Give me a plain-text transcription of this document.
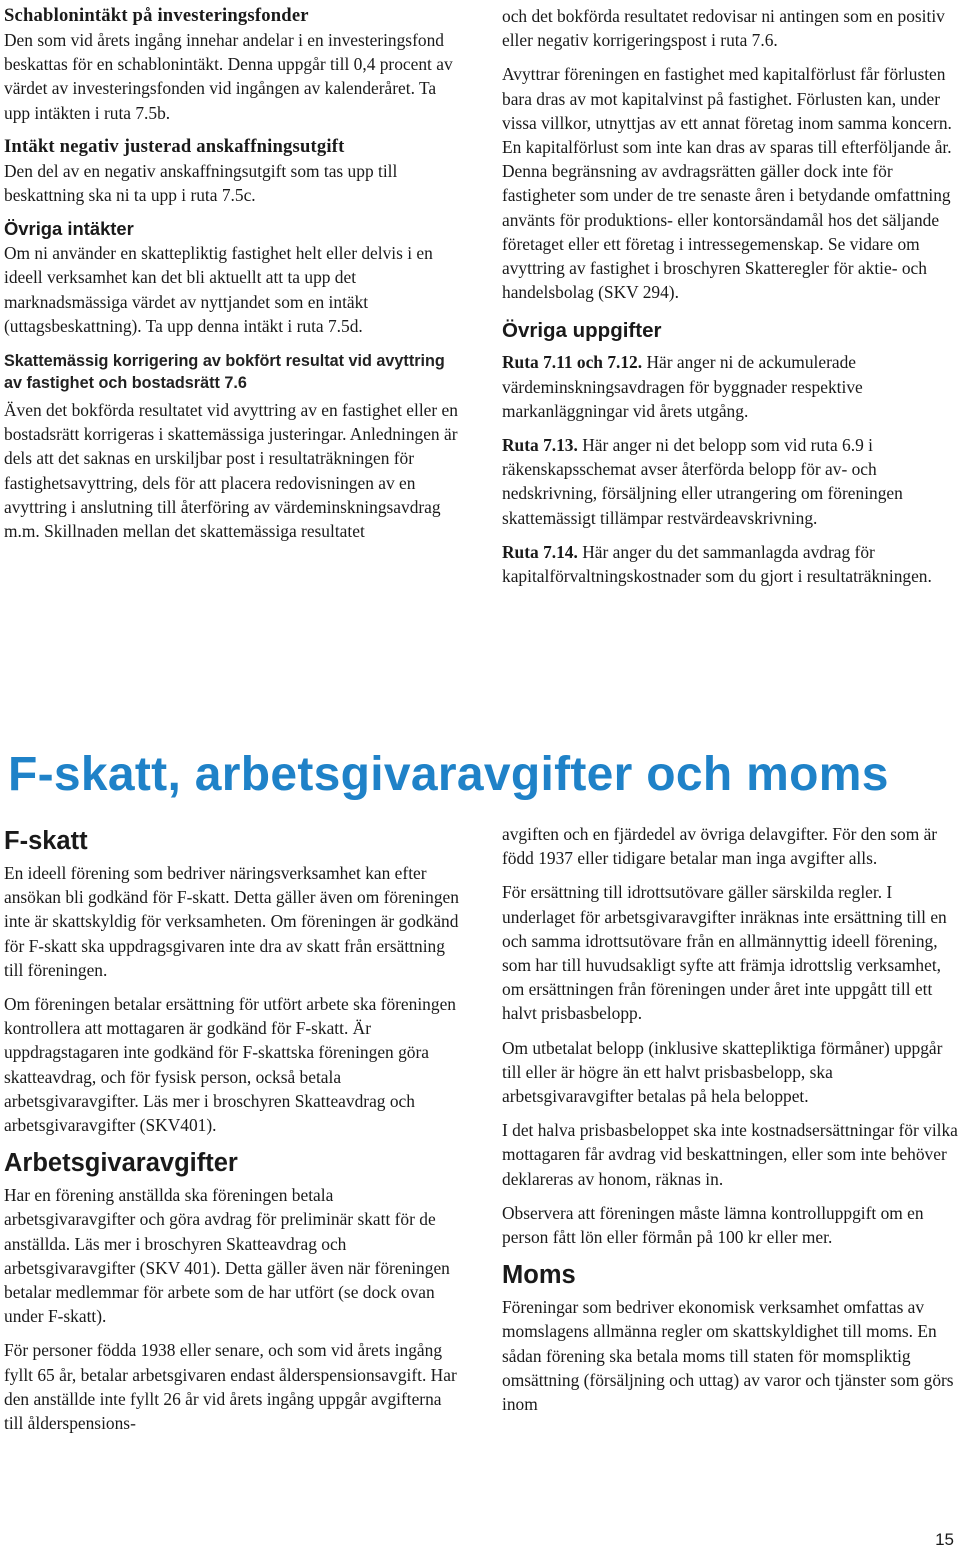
Schablonintäkt på investeringsfonder

Den som vid årets ingång innehar andelar i en investeringsfond beskattas för en schablonintäkt. Denna uppgår till 0,4 procent av värdet av investeringsfonden vid ingången av kalenderåret. Ta upp intäkten i ruta 7.5b.

Intäkt negativ justerad anskaffningsutgift

Den del av en negativ anskaffningsutgift som tas upp till beskattning ska ni ta upp i ruta 7.5c.

Övriga intäkter

Om ni använder en skattepliktig fastighet helt eller delvis i en ideell verksamhet kan det bli aktuellt att ta upp det marknadsmässiga värdet av nyttjandet som en intäkt (uttagsbeskattning). Ta upp denna intäkt i ruta 7.5d.

Skattemässig korrigering av bokfört resultat vid avyttring av fastighet och bostadsrätt 7.6

Även det bokförda resultatet vid avyttring av en fastighet eller en bostadsrätt korrigeras i skattemässiga justeringar. Anledningen är dels att det saknas en urskiljbar post i resultaträkningen för fastighetsavyttring, dels för att placera redovisningen av en avyttring i anslutning till återföring av värdeminskningsavdrag m.m. Skillnaden mellan det skattemässiga resultatet

och det bokförda resultatet redovisar ni antingen som en positiv eller negativ korrigeringspost i ruta 7.6.

Avyttrar föreningen en fastighet med kapitalförlust får förlusten bara dras av mot kapitalvinst på fastighet. Förlusten kan, under vissa villkor, utnyttjas av ett annat företag inom samma koncern. En kapitalförlust som inte kan dras av sparas till efterföljande år. Denna begränsning av avdragsrätten gäller dock inte för fastigheter som under de tre senaste åren i betydande omfattning använts för produktions- eller kontorsändamål hos det säljande företaget eller ett företag i intressegemenskap. Se vidare om avyttring av fastighet i broschyren Skatteregler för aktie- och handelsbolag (SKV 294).

Övriga uppgifter

Ruta 7.11 och 7.12. Här anger ni de ackumulerade värdeminskningsavdragen för byggnader respektive markanläggningar vid årets utgång.

Ruta 7.13. Här anger ni det belopp som vid ruta 6.9 i räkenskapsschemat avser återförda belopp för av- och nedskrivning, försäljning eller utrangering om föreningen skattemässigt tillämpar restvärdeavskrivning.

Ruta 7.14. Här anger du det sammanlagda avdrag för kapitalförvaltningskostnader som du gjort i resultaträkningen.

F-skatt, arbetsgivaravgifter och moms
F-skatt

En ideell förening som bedriver näringsverksamhet kan efter ansökan bli godkänd för F-skatt. Detta gäller även om föreningen inte är skattskyldig för verksamheten. Om föreningen är godkänd för F-skatt ska uppdragsgivaren inte dra av skatt från ersättning till föreningen.

Om föreningen betalar ersättning för utfört arbete ska föreningen kontrollera att mottagaren är godkänd för F-skatt. Är uppdragstagaren inte godkänd för F-skattska föreningen göra skatteavdrag, och för fysisk person, också betala arbetsgivaravgifter. Läs mer i broschyren Skatteavdrag och arbetsgivaravgifter (SKV401).

Arbetsgivaravgifter

Har en förening anställda ska föreningen betala arbetsgivaravgifter och göra avdrag för preliminär skatt för de anställda. Läs mer i broschyren Skatteavdrag och arbetsgivaravgifter (SKV 401). Detta gäller även när föreningen betalar medlemmar för arbete som de har utfört (se dock ovan under F-skatt).

För personer födda 1938 eller senare, och som vid årets ingång fyllt 65 år, betalar arbetsgivaren endast ålderspensionsavgift. Har den anställde inte fyllt 26 år vid årets ingång uppgår avgifterna till ålderspensions-

avgiften och en fjärdedel av övriga delavgifter. För den som är född 1937 eller tidigare betalar man inga avgifter alls.

För ersättning till idrottsutövare gäller särskilda regler. I underlaget för arbetsgivaravgifter inräknas inte ersättning till en och samma idrottsutövare från en allmännyttig ideell förening, som har till huvudsakligt syfte att främja idrottslig verksamhet, om ersättningen från föreningen under året inte uppgått till ett halvt prisbasbelopp.

Om utbetalat belopp (inklusive skattepliktiga förmåner) uppgår till eller är högre än ett halvt prisbasbelopp, ska arbetsgivaravgifter betalas på hela beloppet.

I det halva prisbasbeloppet ska inte kostnadsersättningar för vilka mottagaren får avdrag vid beskattningen, eller som inte behöver deklareras av honom, räknas in.

Observera att föreningen måste lämna kontrolluppgift om en person fått lön eller förmån på 100 kr eller mer.

Moms

Föreningar som bedriver ekonomisk verksamhet omfattas av momslagens allmänna regler om skattskyldighet till moms. En sådan förening ska betala moms till staten för momspliktig omsättning (försäljning och uttag) av varor och tjänster som görs inom

15
